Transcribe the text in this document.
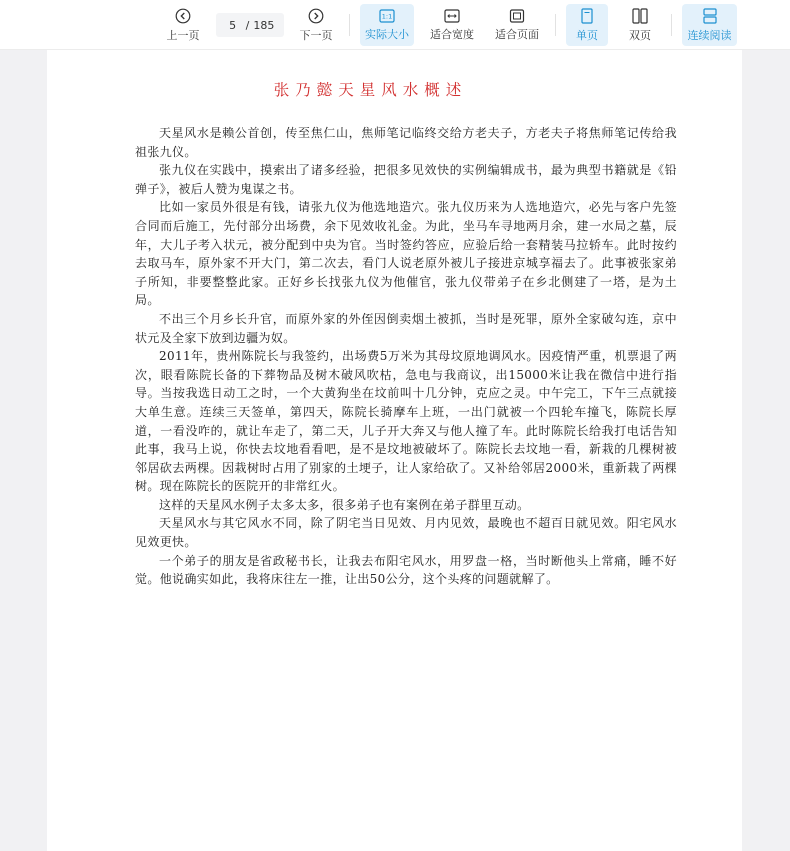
上一页
5 / 185
下一页
1:1
实际大小 适合宽度 适合页面	单页	双页	连续阅读
张乃懿天星风水概述

天星风水是赖公首创，传至焦仁山，焦师笔记临终交给方老夫子，方老夫子将焦师笔记传给我祖张九仪。

张九仪在实践中，摸索出了诸多经验，把很多见效快的实例编辑成书，最为典型书籍就是《铅弹子》，被后人赞为鬼谋之书。

比如一家员外很是有钱，请张九仪为他选地造穴。张九仪历来为人选地造穴，必先与客户先签合同而后施工，先付部分出场费，余下见效收礼金。为此，坐马车寻地两月余，建一水局之墓，辰年，大儿子考入状元，被分配到中央为官。当时签约答应，应验后给一套精装马拉轿车。此时按约去取马车，原外家不开大门，第二次去，看门人说老原外被儿子接进京城享福去了。此事被张家弟子所知，非要整整此家。正好乡长找张九仪为他催官，张九仪带弟子在乡北侧建了一塔，是为土局。

不出三个月乡长升官，而原外家的外侄因倒卖烟土被抓，当时是死罪，原外全家破勾连，京中状元及全家下放到边疆为奴。

2011年，贵州陈院长与我签约，出场费5万米为其母坟原地调风水。因疫情严重，机票退了两次，眼看陈院长备的下葬物品及树木破风吹枯，急电与我商议，出15000米让我在微信中进行指导。当按我选日动工之时，一个大黄狗坐在坟前叫十几分钟，克应之灵。中午完工，下午三点就接大单生意。连续三天签单，第四天，陈院长骑摩车上班，一出门就被一个四轮车撞飞，陈院长厚道，一看没咋的，就让车走了，第二天，儿子开大奔又与他人撞了车。此时陈院长给我打电话告知此事，我马上说，你快去坟地看看吧，是不是坟地被破坏了。陈院长去坟地一看，新栽的几棵树被邻居砍去两棵。因栽树时占用了别家的土埂子，让人家给砍了。又补给邻居2000米，重新栽了两棵树。现在陈院长的医院开的非常红火。

这样的天星风水例子太多太多，很多弟子也有案例在弟子群里互动。

天星风水与其它风水不同，除了阴宅当日见效、月内见效，最晚也不超百日就见效。阳宅风水见效更快。

一个弟子的朋友是省政秘书长，让我去布阳宅风水，用罗盘一格，当时断他头上常痛，睡不好觉。他说确实如此，我将床往左一推，让出50公分，这个头疼的问题就解了。
